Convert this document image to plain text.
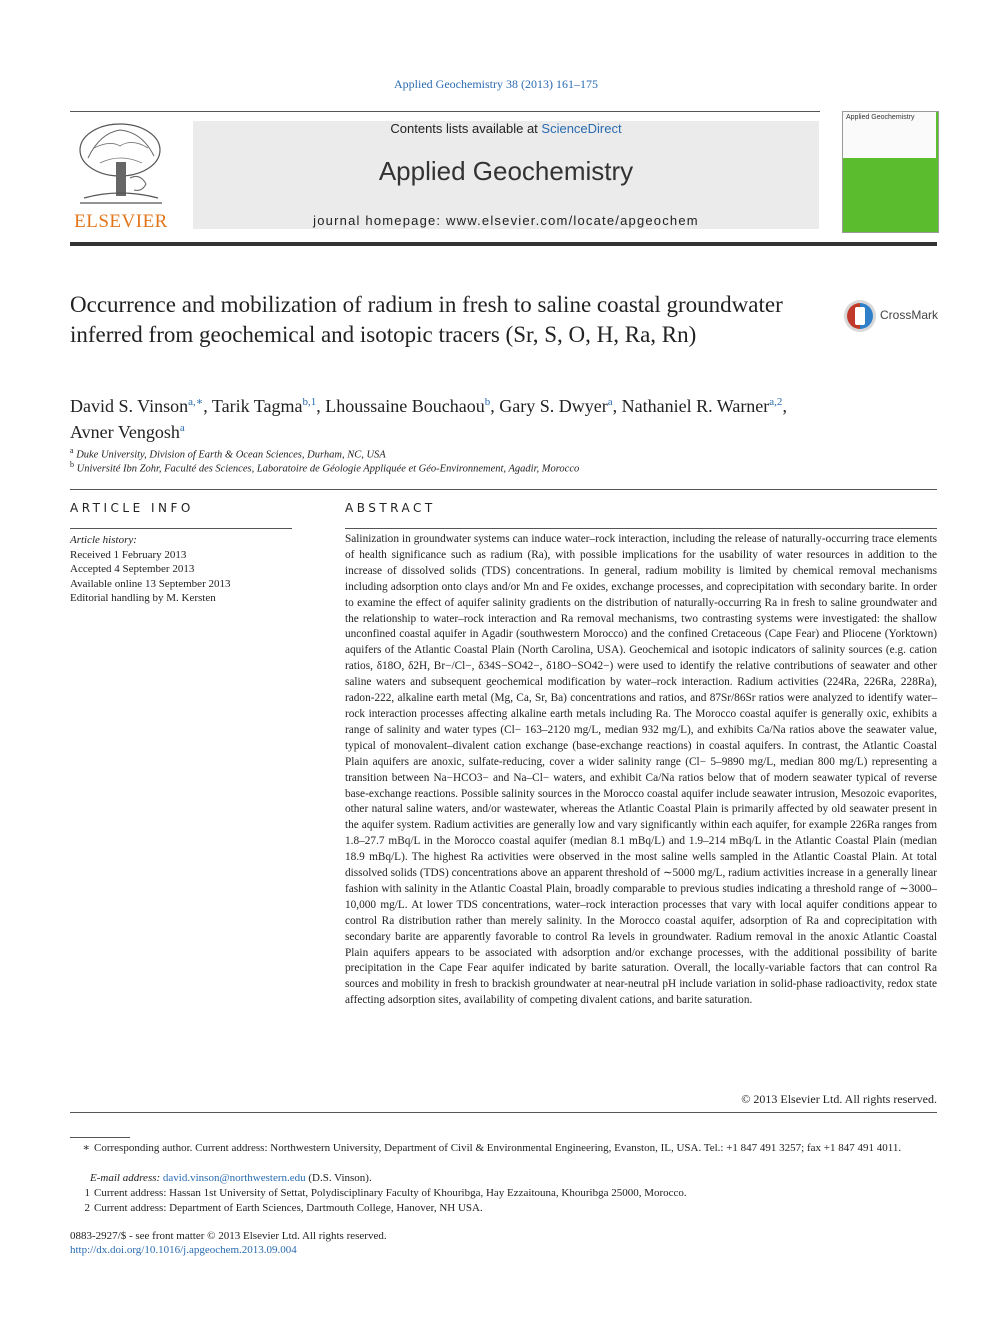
Applied Geochemistry 38 (2013) 161–175
ELSEVIER
Contents lists available at ScienceDirect
Applied Geochemistry
journal homepage: www.elsevier.com/locate/apgeochem
Applied Geochemistry
Occurrence and mobilization of radium in fresh to saline coastal groundwater inferred from geochemical and isotopic tracers (Sr, S, O, H, Ra, Rn)
CrossMark
David S. Vinson$^{a,∗}$, Tarik Tagma$^{b,1}$, Lhoussaine Bouchaou$^b$, Gary S. Dwyer$^a$, Nathaniel R. Warner$^{a,2}$,
Avner Vengosh$^a$
$^a$ Duke University, Division of Earth & Ocean Sciences, Durham, NC, USA
$^b$ Université Ibn Zohr, Faculté des Sciences, Laboratoire de Géologie Appliquée et Géo-Environnement, Agadir, Morocco
ARTICLE INFO	ABSTRACT
Article history:
Received 1 February 2013
Accepted 4 September 2013
Available online 13 September 2013
Editorial handling by M. Kersten
Salinization in groundwater systems can induce water–rock interaction, including the release of naturally-occurring trace elements of health significance such as radium (Ra), with possible implications for the usability of water resources in addition to the increase of dissolved solids (TDS) concentrations. In general, radium mobility is limited by chemical removal mechanisms including adsorption onto clays and/or Mn and Fe oxides, exchange processes, and coprecipitation with secondary barite. In order to examine the effect of aquifer salinity gradients on the distribution of naturally-occurring Ra in fresh to saline groundwater and the relationship to water–rock interaction and Ra removal mechanisms, two contrasting systems were investigated: the shallow unconfined coastal aquifer in Agadir (southwestern Morocco) and the confined Cretaceous (Cape Fear) and Pliocene (Yorktown) aquifers of the Atlantic Coastal Plain (North Carolina, USA). Geochemical and isotopic indicators of salinity sources (e.g. cation ratios, δ18O, δ2H, Br−/Cl−, δ34S−SO42−, δ18O−SO42−) were used to identify the relative contributions of seawater and other saline waters and subsequent geochemical modification by water–rock interaction. Radium activities (224Ra, 226Ra, 228Ra), radon-222, alkaline earth metal (Mg, Ca, Sr, Ba) concentrations and ratios, and 87Sr/86Sr ratios were analyzed to identify water–rock interaction processes affecting alkaline earth metals including Ra. The Morocco coastal aquifer is generally oxic, exhibits a range of salinity and water types (Cl− 163–2120 mg/L, median 932 mg/L), and exhibits Ca/Na ratios above the seawater value, typical of monovalent–divalent cation exchange (base-exchange reactions) in coastal aquifers. In contrast, the Atlantic Coastal Plain aquifers are anoxic, sulfate-reducing, cover a wider salinity range (Cl− 5–9890 mg/L, median 800 mg/L) representing a transition between Na−HCO3− and Na–Cl− waters, and exhibit Ca/Na ratios below that of modern seawater typical of reverse base-exchange reactions. Possible salinity sources in the Morocco coastal aquifer include seawater intrusion, Mesozoic evaporites, other natural saline waters, and/or wastewater, whereas the Atlantic Coastal Plain is primarily affected by old seawater present in the aquifer system. Radium activities are generally low and vary significantly within each aquifer, for example 226Ra ranges from 1.8–27.7 mBq/L in the Morocco coastal aquifer (median 8.1 mBq/L) and 1.9–214 mBq/L in the Atlantic Coastal Plain (median 18.9 mBq/L). The highest Ra activities were observed in the most saline wells sampled in the Atlantic Coastal Plain. At total dissolved solids (TDS) concentrations above an apparent threshold of ∼5000 mg/L, radium activities increase in a generally linear fashion with salinity in the Atlantic Coastal Plain, broadly comparable to previous studies indicating a threshold range of ∼3000–10,000 mg/L. At lower TDS concentrations, water–rock interaction processes that vary with local aquifer conditions appear to control Ra distribution rather than merely salinity. In the Morocco coastal aquifer, adsorption of Ra and coprecipitation with secondary barite are apparently favorable to control Ra levels in groundwater. Radium removal in the anoxic Atlantic Coastal Plain aquifers appears to be associated with adsorption and/or exchange processes, with the additional possibility of barite precipitation in the Cape Fear aquifer indicated by barite saturation. Overall, the locally-variable factors that can control Ra sources and mobility in fresh to brackish groundwater at near-neutral pH include variation in solid-phase radioactivity, redox state affecting adsorption sites, availability of competing divalent cations, and barite saturation.
© 2013 Elsevier Ltd. All rights reserved.
∗ Corresponding author. Current address: Northwestern University, Department of Civil & Environmental Engineering, Evanston, IL, USA. Tel.: +1 847 491 3257; fax +1 847 491 4011.
E-mail address: david.vinson@northwestern.edu (D.S. Vinson).
1 Current address: Hassan 1st University of Settat, Polydisciplinary Faculty of Khouribga, Hay Ezzaitouna, Khouribga 25000, Morocco.
2 Current address: Department of Earth Sciences, Dartmouth College, Hanover, NH USA.
0883-2927/$ - see front matter © 2013 Elsevier Ltd. All rights reserved.
http://dx.doi.org/10.1016/j.apgeochem.2013.09.004
